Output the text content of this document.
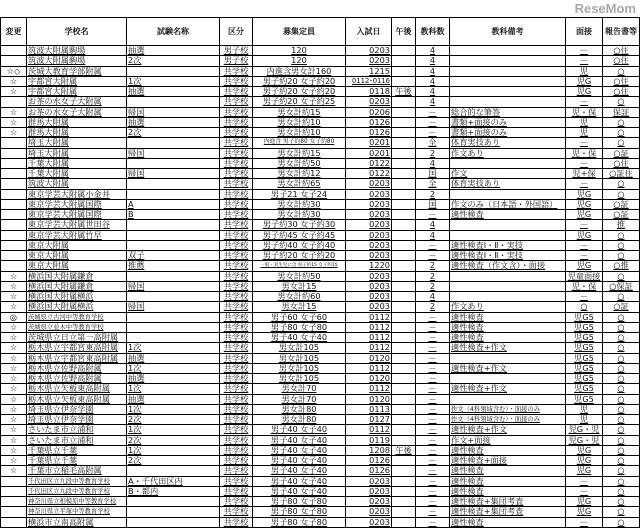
変更	学校名	試験名称	区分	募集定員	入試日	午後	教科数	教科備考	面接	報告書等
	筑波大附属駒場	抽選	男子校	120	0203		4		－	○住
	筑波大附属駒場	2次	男子校	120	0203		4		－	○住
☆◇	茨城大教育学部附属		共学校	内進含男女計160	1215		4		児	○
☆	宇都宮大附属	1次	共学校	男子約20 女子約20	0112･0116		4		児G	○住
☆	宇都宮大附属	抽選	共学校	男子約20 女子約20	0118	午後	4		児G	○住
	お茶の水女子大附属		共学校	男子約20 女子約25	0203		4		－	○
☆	お茶の水女子大附属	帰国	共学校	男女計約15	0206		－	総合的な筆答	児・保	保証
☆	群馬大附属	抽選	共学校	男女計約10	0126		－	書類+面接のみ	児	○
☆	群馬大附属	2次	共学校	男女計約10	0126		－	書類+面接のみ	児	○
	埼玉大附属		共学校	内進含 男子約80 女子約80	0201		全	体育実技あり	－	○
	埼玉大附属	帰国	共学校	男女計約15	0201		2	作文あり	児・保	○証
	千葉大附属		共学校	男女計約50	0122		4		－	○住
	千葉大附属	帰国	共学校	男女計約12	0122		国	作文	児+保	○証住
	筑波大附属		共学校	男女計約65	0203		全	体育実技あり	－	○
	東京学芸大附属小金井		共学校	男子21 女子24	0203		2		児G	○
	東京学芸大附属国際	A	共学校	男女計約30	0203		国	作文のみ（日本語・外国語）	児G	○証
	東京学芸大附属国際	B	共学校	男女計約30	0203		－	適性検査	児G	○証
	東京学芸大附属世田谷		共学校	男子約30 女子約30	0203		4		－	推
	東京学芸大附属竹早		共学校	男子約45 女子約45	0203		4		児G	○
	東京大附属		共学校	男子約40 女子約40	0203		－	適性検査Ⅰ・Ⅱ・実技	－	○
	東京大附属	双子	共学校	男子約20 女子約20	0203		－	適性検査Ⅰ・Ⅱ・実技	－	○
	東京大附属	推薦	共学校	一般・双生児に含 男子約15 女子約15	1220		2	適性検査（作文含）・面接	児G	○推
☆	横浜国大附属鎌倉		共学校	男女計約50	0203		2		児童面接	○
☆	横浜国大附属鎌倉	帰国	共学校	男女計15	0203		2		児・保	○保証
☆	横浜国大附属横浜		共学校	男女計約60	0203		4		－	○
☆	横浜国大附属横浜	帰国	共学校	男女計15	0203		2	作文あり	○	○証
◎	茨城県立古河中等教育学校		共学校	男子60 女子60	0112		－	適性検査	児G5	○
☆	茨城県立並木中等教育学校		共学校	男子80 女子80	0112		－	適性検査	児G5	○
☆	茨城県立日立第一高附属		共学校	男子40 女子40	0112		－	適性検査	児G5	○
☆	栃木県立宇都宮東高附属	1次	共学校	男女計105	0112		－	適性検査+作文	児G5	○
☆	栃木県立宇都宮東高附属	抽選	共学校	男女計105	0120		－		児G5	○
☆	栃木県立佐野高附属	1次	共学校	男女計105	0112		－	適性検査+作文	児G5	○
☆	栃木県立佐野高附属	抽選	共学校	男女計105	0120		－		児G5	○
☆	栃木県立矢板東高附属	1次	共学校	男女計70	0112		－	適性検査+作文	児G5	○
☆	栃木県立矢板東高附属	抽選	共学校	男女計70	0120		－		児G5	○
☆	埼玉県立伊奈学園	1次	共学校	男女計80	0113		－	作文（4科領域含む）・面接のみ	児	○
☆	埼玉県立伊奈学園	2次	共学校	男女計80	0127		－	作文（4科領域含む）・面接のみ	児	○
☆	さいたま市立浦和	1次	共学校	男子40 女子40	0112		－	適性検査+作文	児G・児	○
☆	さいたま市立浦和	2次	共学校	男子40 女子40	0119		－	作文+面接	児G・児	○
☆	千葉県立千葉	1次	共学校	男子40 女子40	1208	午後	－	適性検査	児G	○
☆	千葉県立千葉	2次	共学校	男子40 女子40	0126		－	適性検査+面接	児G	○
☆	千葉市立稲毛高附属		共学校	男子40 女子40	0126		－	適性検査	児G	○
	千代田区立九段中等教育学校	A・千代田区内	共学校	男子40 女子40	0203		－	適性検査	－	○
	千代田区立九段中等教育学校	B・都内	共学校	男子40 女子40	0203		－	適性検査	－	○
	神奈川県立相模原中等教育学校		共学校	男子80 女子80	0203		－	適性検査+集団考査	児G	○
	神奈川県立平塚中等教育学校		共学校	男子80 女子80	0203		－	適性検査+集団考査	児G	○
	横浜市立南高附属		共学校	男子80 女子80	0203		－	適性検査	－	○
ReseMom
